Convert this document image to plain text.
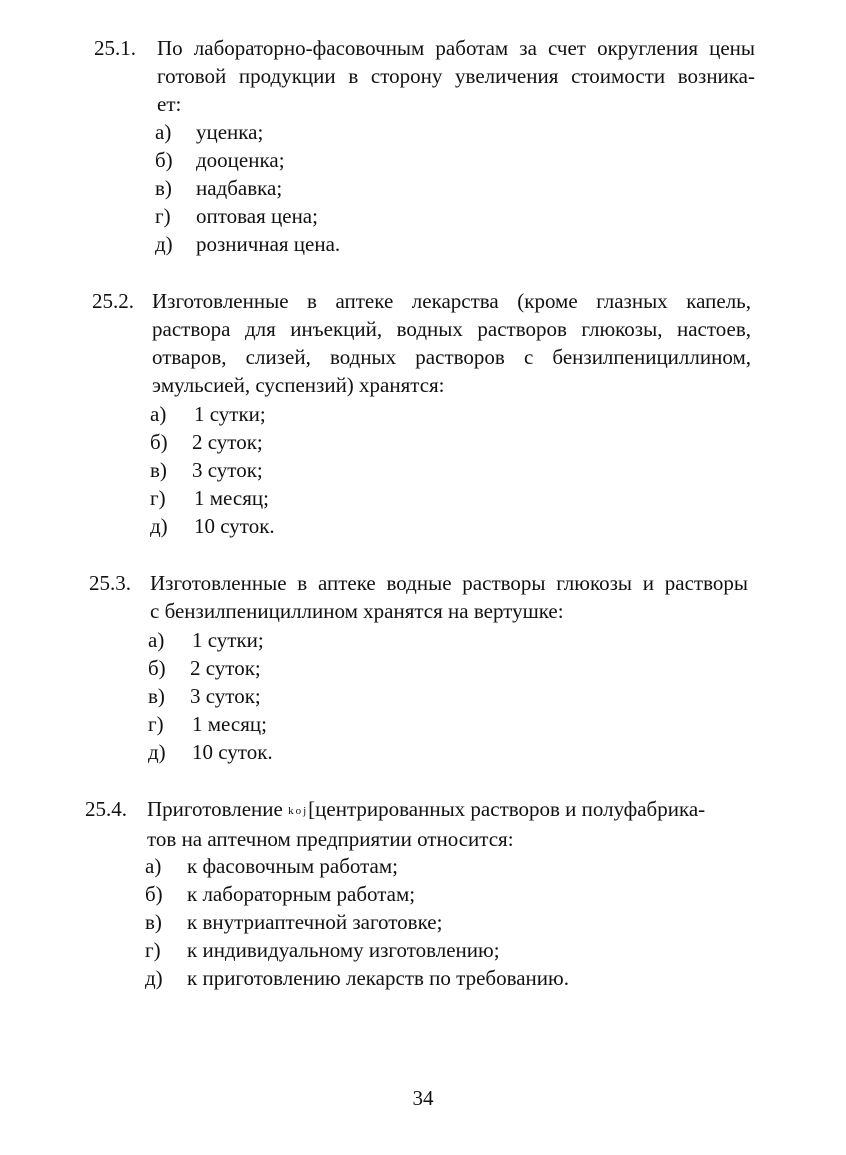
25.1. По лабораторно-фасовочным работам за счет округления цены
готовой продукции в сторону увеличения стоимости возника-
ет:
а) уценка;
б) дооценка;
в) надбавка;
г) оптовая цена;
д) розничная цена.
25.2. Изготовленные в аптеке лекарства (кроме глазных капель,
раствора для инъекций, водных растворов глюкозы, настоев,
отваров, слизей, водных растворов с бензилпенициллином,
эмульсией, суспензий) хранятся:
а) 1 сутки;
б) 2 суток;
в) 3 суток;
г) 1 месяц;
д) 10 суток.
25.3. Изготовленные в аптеке водные растворы глюкозы и растворы
с бензилпенициллином хранятся на вертушке:
а) 1 сутки;
б) 2 суток;
в) 3 суток;
г) 1 месяц;
д) 10 суток.
25.4. Приготовление koj[центрированных растворов и полуфабрика-
тов на аптечном предприятии относится:
а) к фасовочным работам;
б) к лабораторным работам;
в) к внутриаптечной заготовке;
г) к индивидуальному изготовлению;
д) к приготовлению лекарств по требованию.
34
